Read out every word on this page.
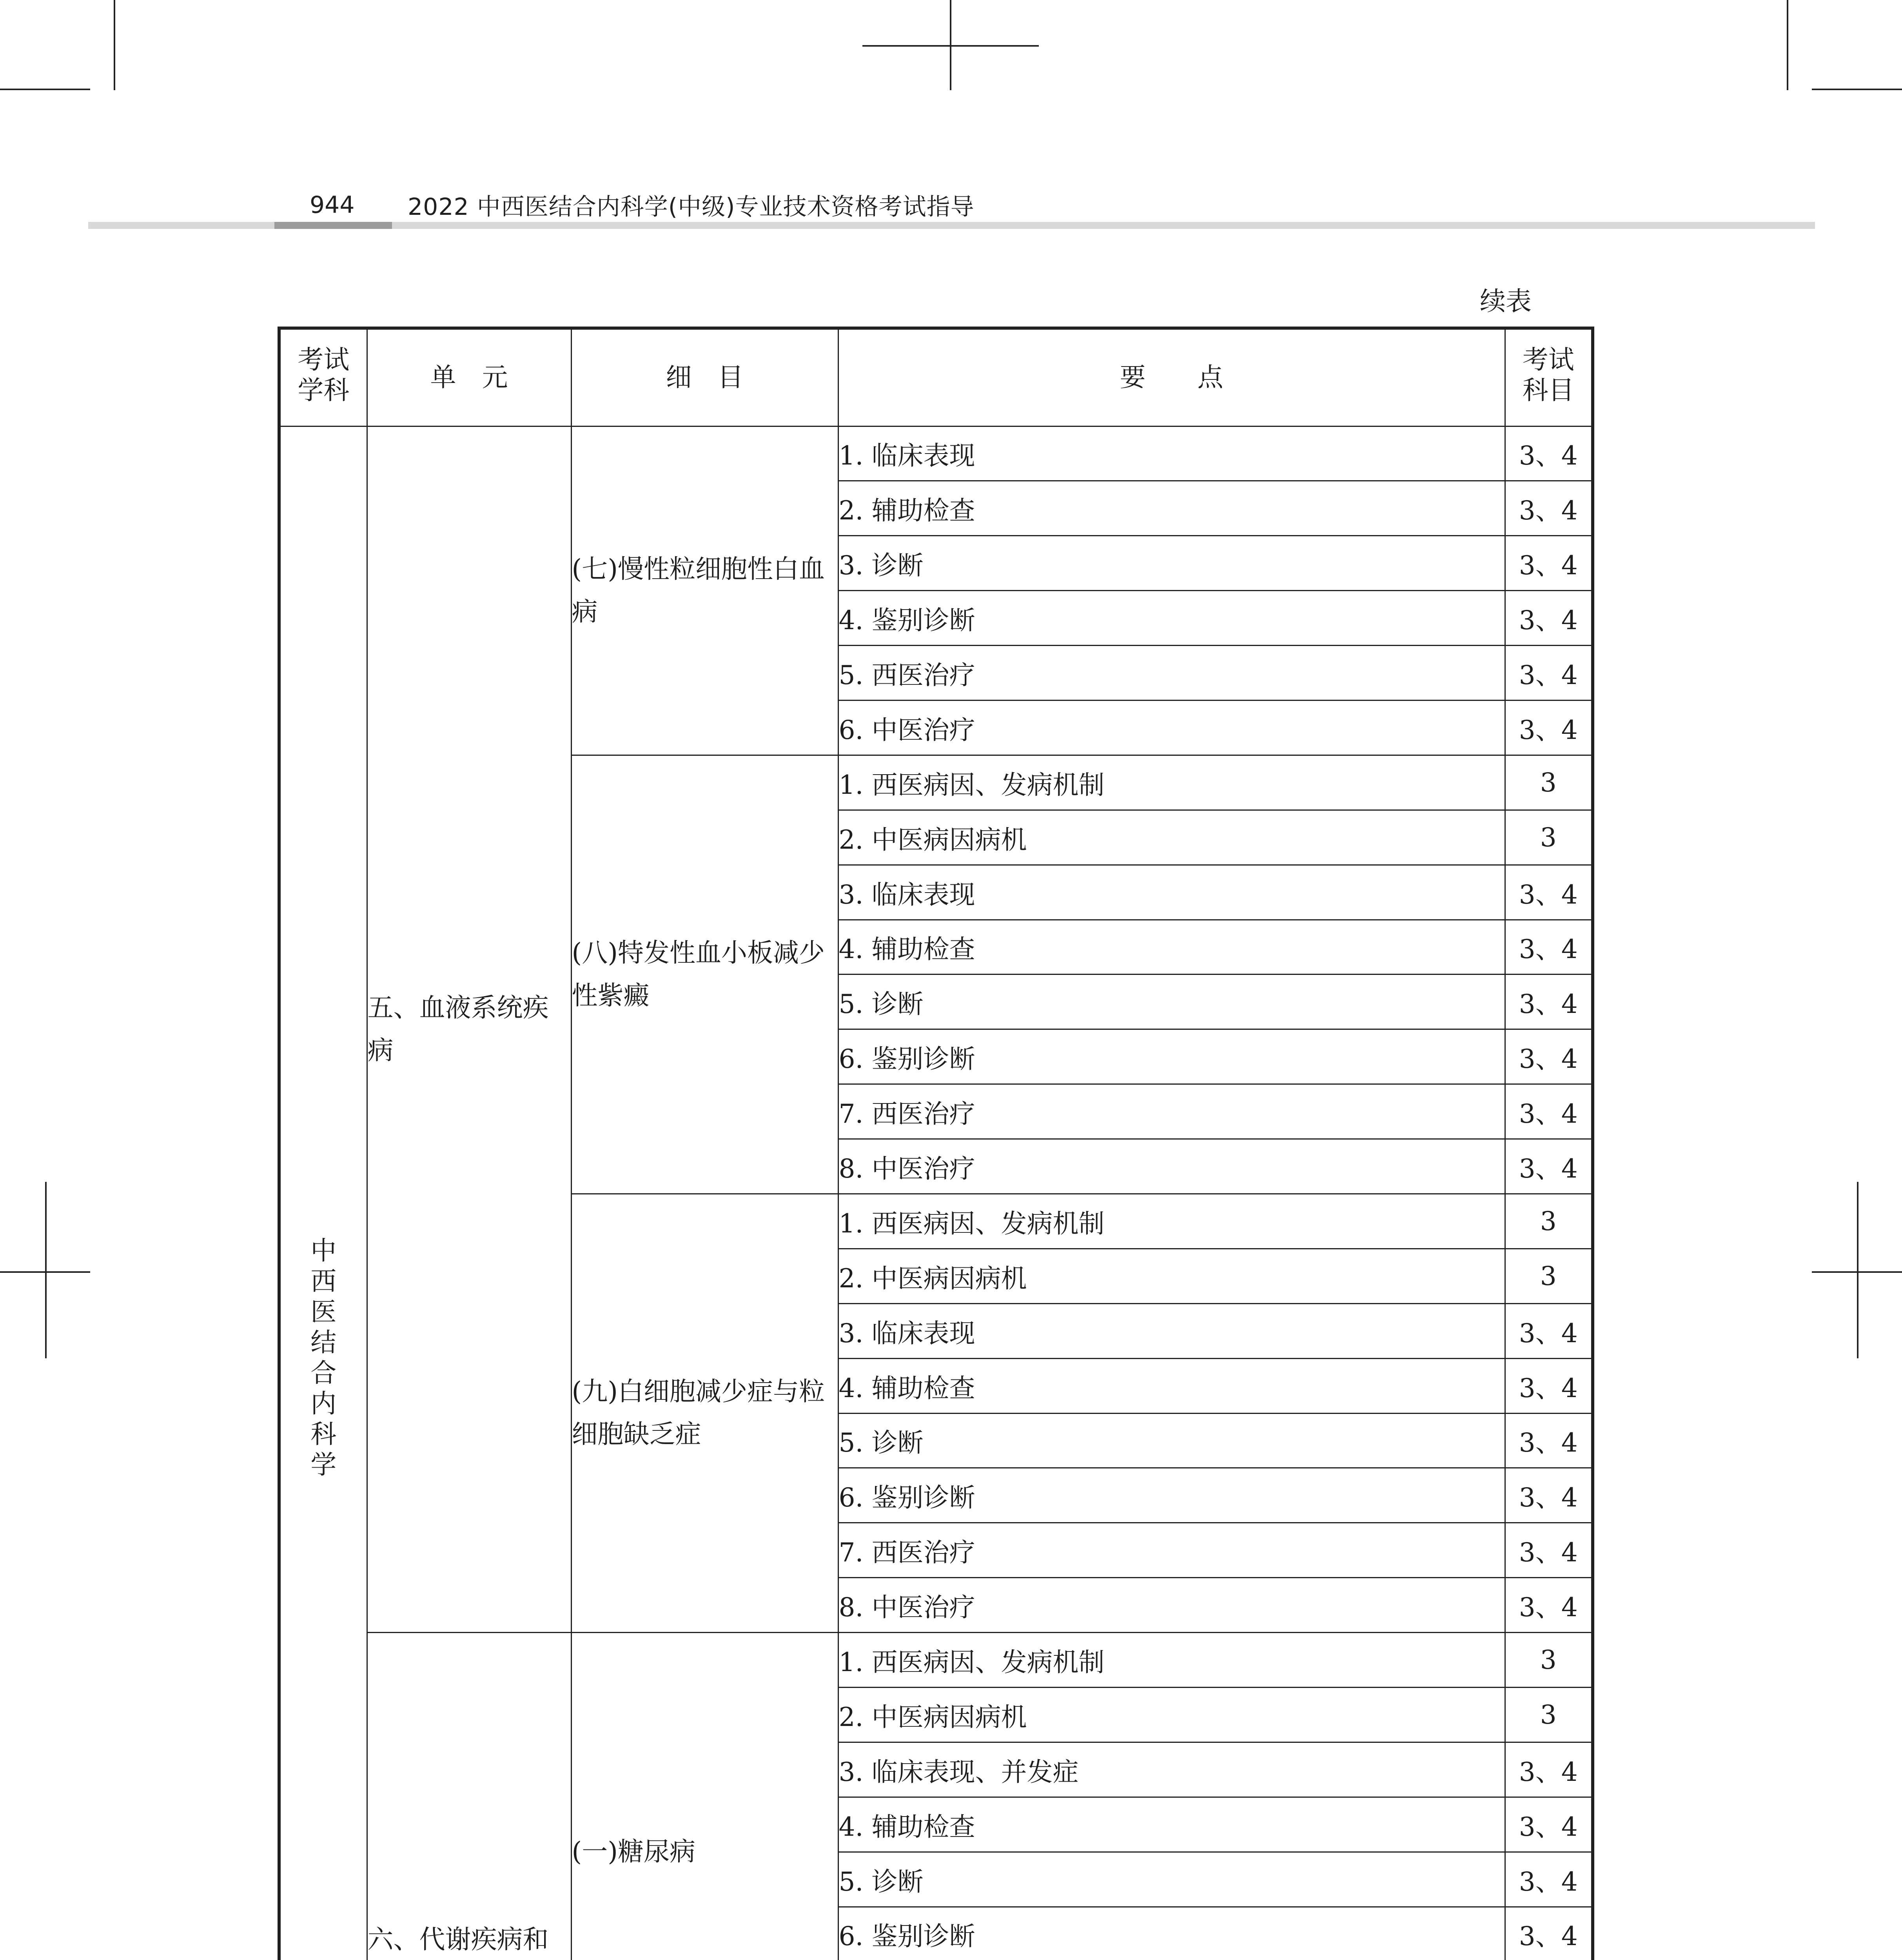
944	2022 中西医结合内科学(中级)专业技术资格考试指导
续表
考试学科	单　元	细　目	要　　点	考试科目
中西医结合内科学	五、血液系统疾病	(七)慢性粒细胞性白血病	1. 临床表现	3、4
			2. 辅助检查	3、4
			3. 诊断	3、4
			4. 鉴别诊断	3、4
			5. 西医治疗	3、4
			6. 中医治疗	3、4
		(八)特发性血小板减少性紫癜	1. 西医病因、发病机制	3
			2. 中医病因病机	3
			3. 临床表现	3、4
			4. 辅助检查	3、4
			5. 诊断	3、4
			6. 鉴别诊断	3、4
			7. 西医治疗	3、4
			8. 中医治疗	3、4
		(九)白细胞减少症与粒细胞缺乏症	1. 西医病因、发病机制	3
			2. 中医病因病机	3
			3. 临床表现	3、4
			4. 辅助检查	3、4
			5. 诊断	3、4
			6. 鉴别诊断	3、4
			7. 西医治疗	3、4
			8. 中医治疗	3、4
	六、代谢疾病和	(一)糖尿病	1. 西医病因、发病机制	3
			2. 中医病因病机	3
			3. 临床表现、并发症	3、4
			4. 辅助检查	3、4
			5. 诊断	3、4
			6. 鉴别诊断	3、4
